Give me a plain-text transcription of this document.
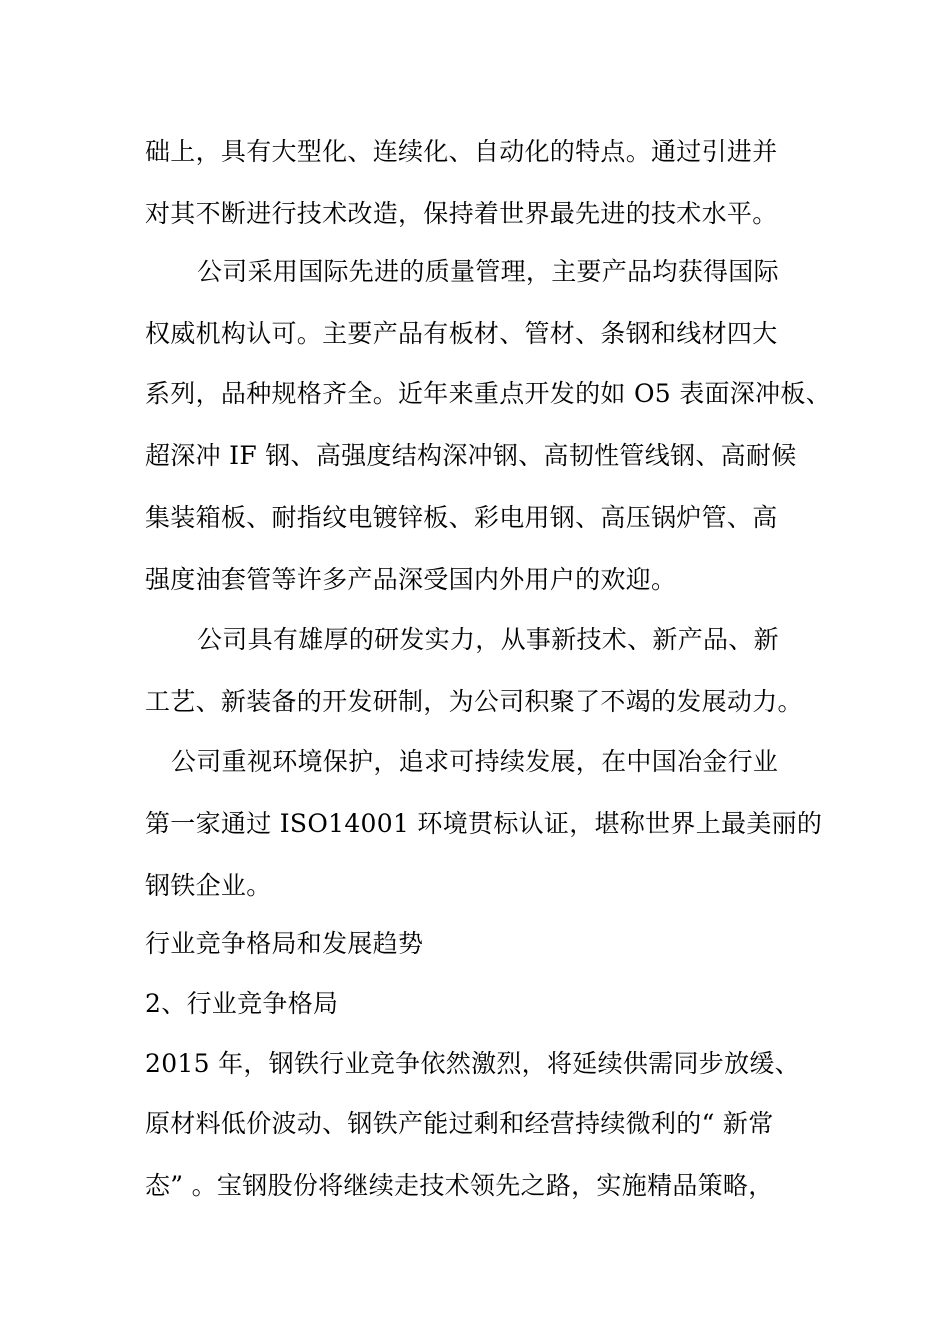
础上，具有大型化、连续化、自动化的特点。通过引进并
对其不断进行技术改造，保持着世界最先进的技术水平。
公司采用国际先进的质量管理，主要产品均获得国际
权威机构认可。主要产品有板材、管材、条钢和线材四大
系列，品种规格齐全。近年来重点开发的如 O5 表面深冲板、
超深冲 IF 钢、高强度结构深冲钢、高韧性管线钢、高耐候
集装箱板、耐指纹电镀锌板、彩电用钢、高压锅炉管、高
强度油套管等许多产品深受国内外用户的欢迎。
公司具有雄厚的研发实力，从事新技术、新产品、新
工艺、新装备的开发研制，为公司积聚了不竭的发展动力。
公司重视环境保护，追求可持续发展，在中国冶金行业
第一家通过 ISO14001 环境贯标认证，堪称世界上最美丽的
钢铁企业。
行业竞争格局和发展趋势
2、行业竞争格局
2015 年，钢铁行业竞争依然激烈，将延续供需同步放缓、
原材料低价波动、钢铁产能过剩和经营持续微利的“ 新常
态” 。宝钢股份将继续走技术领先之路，实施精品策略，
